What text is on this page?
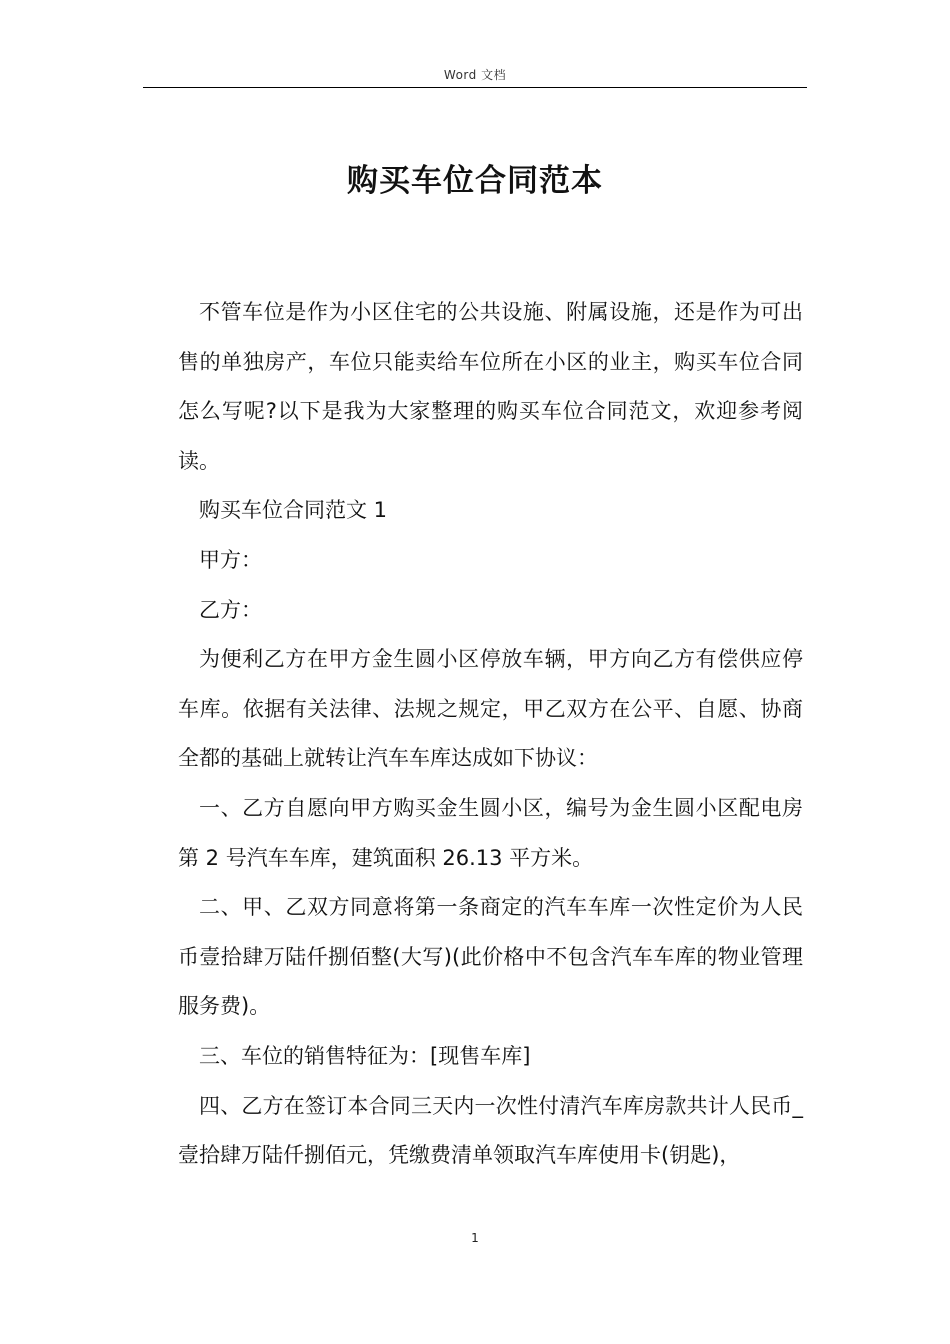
Word 文档
购买车位合同范本

不管车位是作为小区住宅的公共设施、附属设施，还是作为可出售的单独房产，车位只能卖给车位所在小区的业主，购买车位合同怎么写呢?以下是我为大家整理的购买车位合同范文，欢迎参考阅读。

购买车位合同范文 1

甲方：

乙方：

为便利乙方在甲方金生圆小区停放车辆，甲方向乙方有偿供应停车库。依据有关法律、法规之规定，甲乙双方在公平、自愿、协商全都的基础上就转让汽车车库达成如下协议：

一、乙方自愿向甲方购买金生圆小区，编号为金生圆小区配电房第 2 号汽车车库，建筑面积 26.13 平方米。

二、甲、乙双方同意将第一条商定的汽车车库一次性定价为人民币壹拾肆万陆仟捌佰整(大写)(此价格中不包含汽车车库的物业管理服务费)。

三、车位的销售特征为：[现售车库]

四、乙方在签订本合同三天内一次性付清汽车库房款共计人民币_壹拾肆万陆仟捌佰元，凭缴费清单领取汽车库使用卡(钥匙)，

1
